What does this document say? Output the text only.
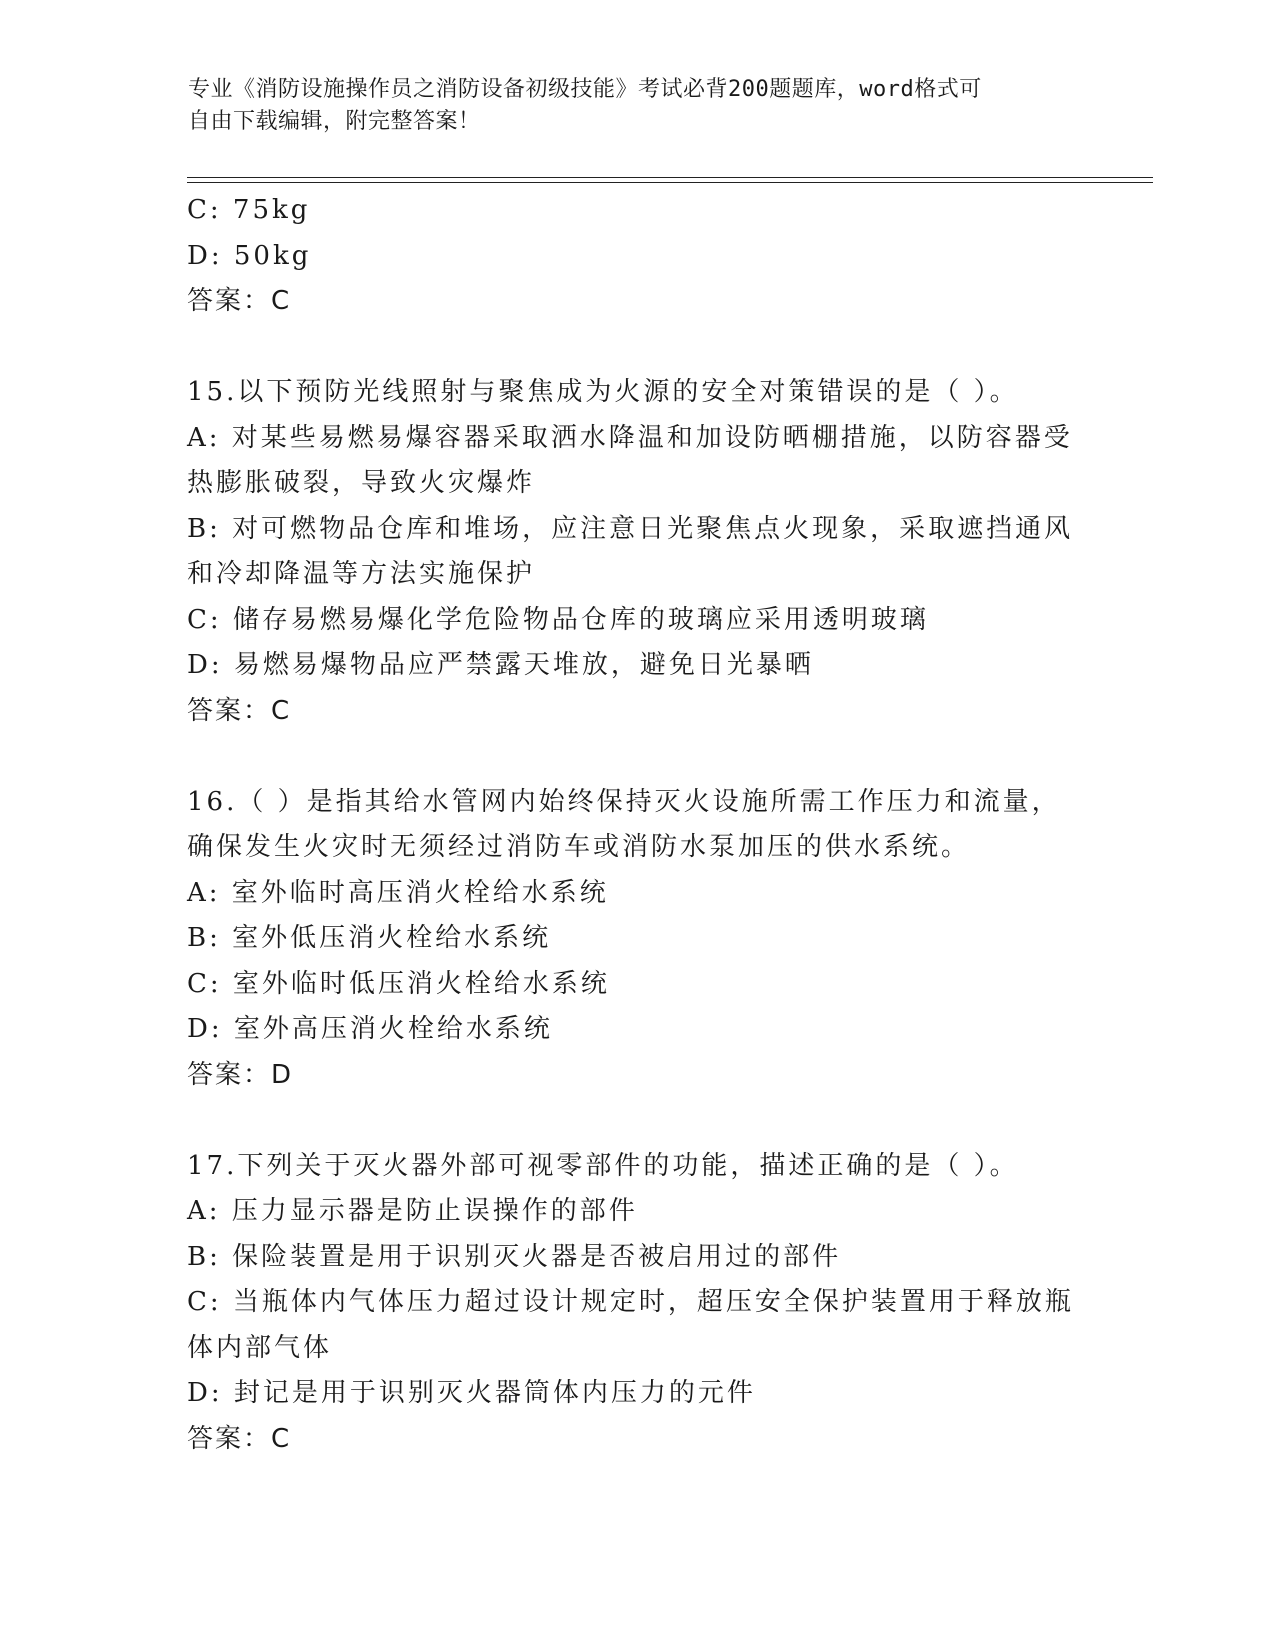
专业《消防设施操作员之消防设备初级技能》考试必背200题题库，word格式可
自由下载编辑，附完整答案！
C: 75kg
D: 50kg
答案：C
15.以下预防光线照射与聚焦成为火源的安全对策错误的是（ ）。
A: 对某些易燃易爆容器采取洒水降温和加设防晒棚措施，以防容器受
热膨胀破裂，导致火灾爆炸
B: 对可燃物品仓库和堆场，应注意日光聚焦点火现象，采取遮挡通风
和冷却降温等方法实施保护
C: 储存易燃易爆化学危险物品仓库的玻璃应采用透明玻璃
D: 易燃易爆物品应严禁露天堆放，避免日光暴晒
答案：C
16.（ ）是指其给水管网内始终保持灭火设施所需工作压力和流量，
确保发生火灾时无须经过消防车或消防水泵加压的供水系统。
A: 室外临时高压消火栓给水系统
B: 室外低压消火栓给水系统
C: 室外临时低压消火栓给水系统
D: 室外高压消火栓给水系统
答案：D
17.下列关于灭火器外部可视零部件的功能，描述正确的是（ ）。
A: 压力显示器是防止误操作的部件
B: 保险装置是用于识别灭火器是否被启用过的部件
C: 当瓶体内气体压力超过设计规定时，超压安全保护装置用于释放瓶
体内部气体
D: 封记是用于识别灭火器筒体内压力的元件
答案：C
